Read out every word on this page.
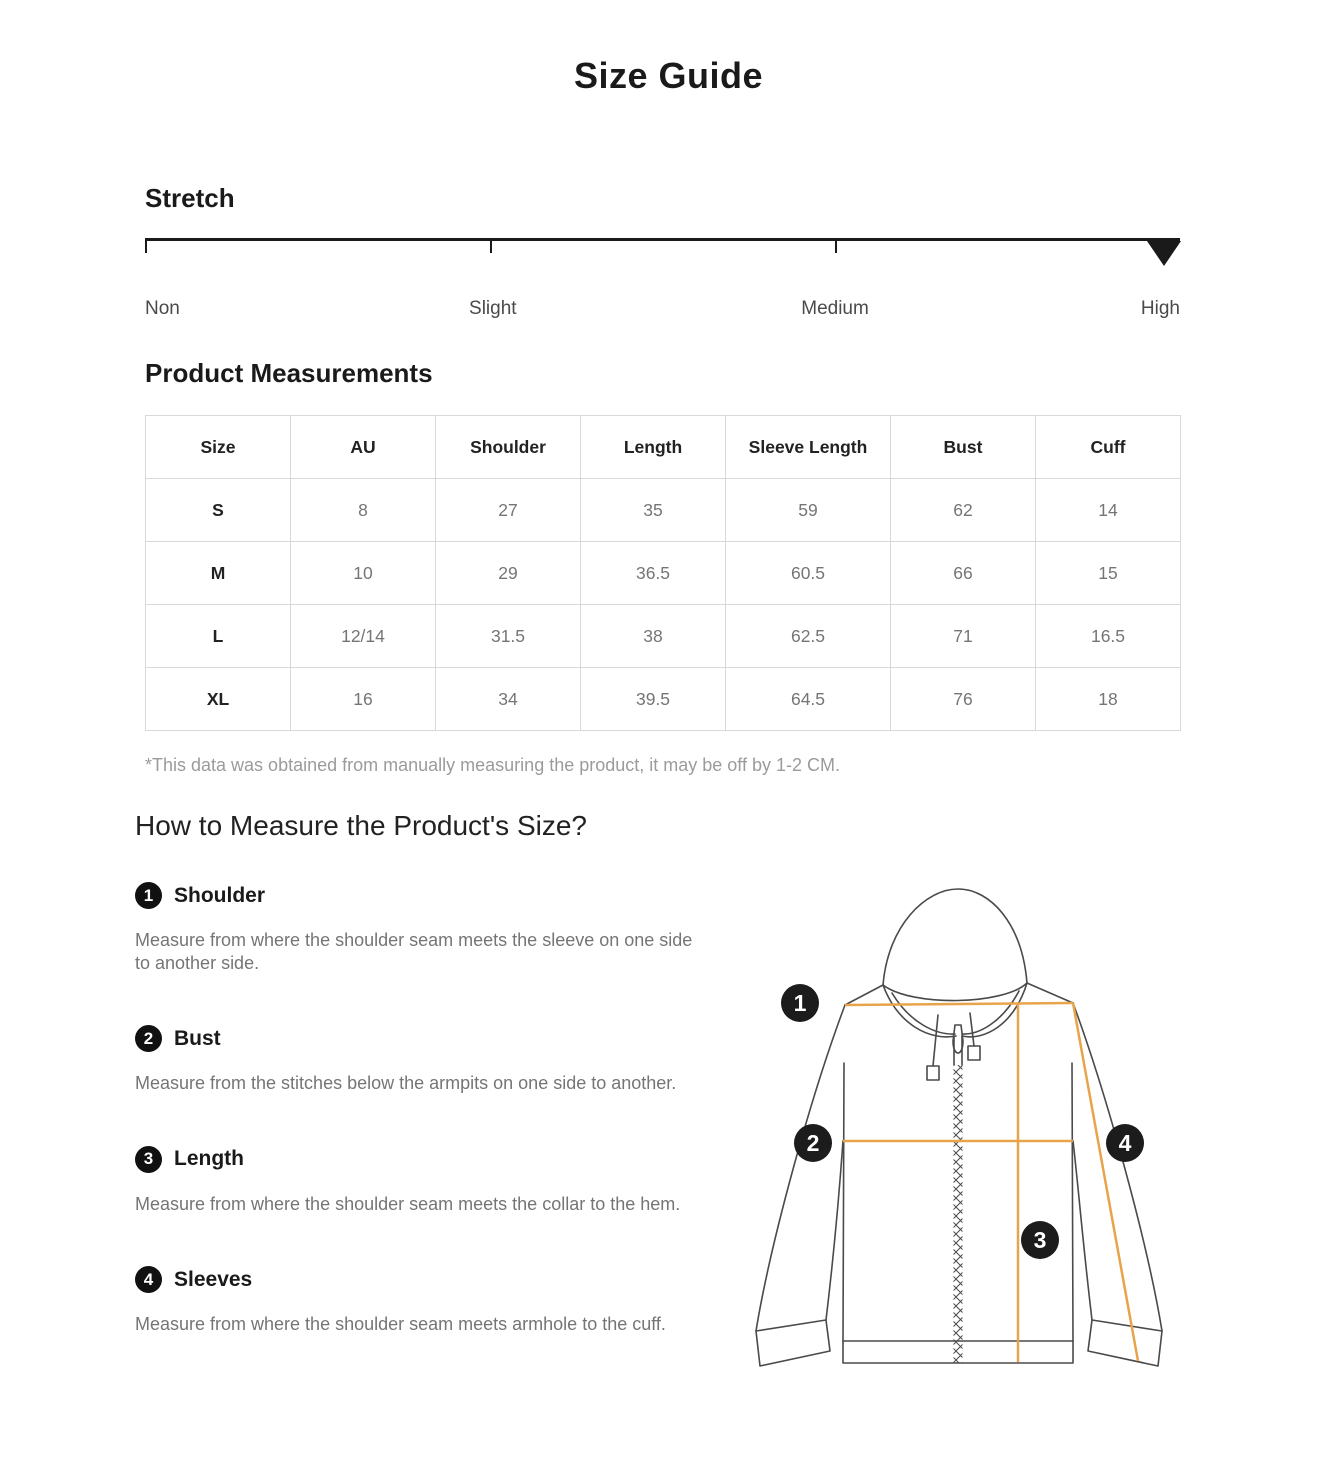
Size Guide
Stretch
Non	Slight	Medium	High
Product Measurements
Size	AU	Shoulder	Length	Sleeve Length	Bust	Cuff
S	8	27	35	59	62	14
M	10	29	36.5	60.5	66	15
L	12/14	31.5	38	62.5	71	16.5
XL	16	34	39.5	64.5	76	18
*This data was obtained from manually measuring the product, it may be off by 1-2 CM.
How to Measure the Product's Size?
1 Shoulder
Measure from where the shoulder seam meets the sleeve on one side to another side.
2 Bust
Measure from the stitches below the armpits on one side to another.
3 Length
Measure from where the shoulder seam meets the collar to the hem.
4 Sleeves
Measure from where the shoulder seam meets armhole to the cuff.
1
2
3
4
